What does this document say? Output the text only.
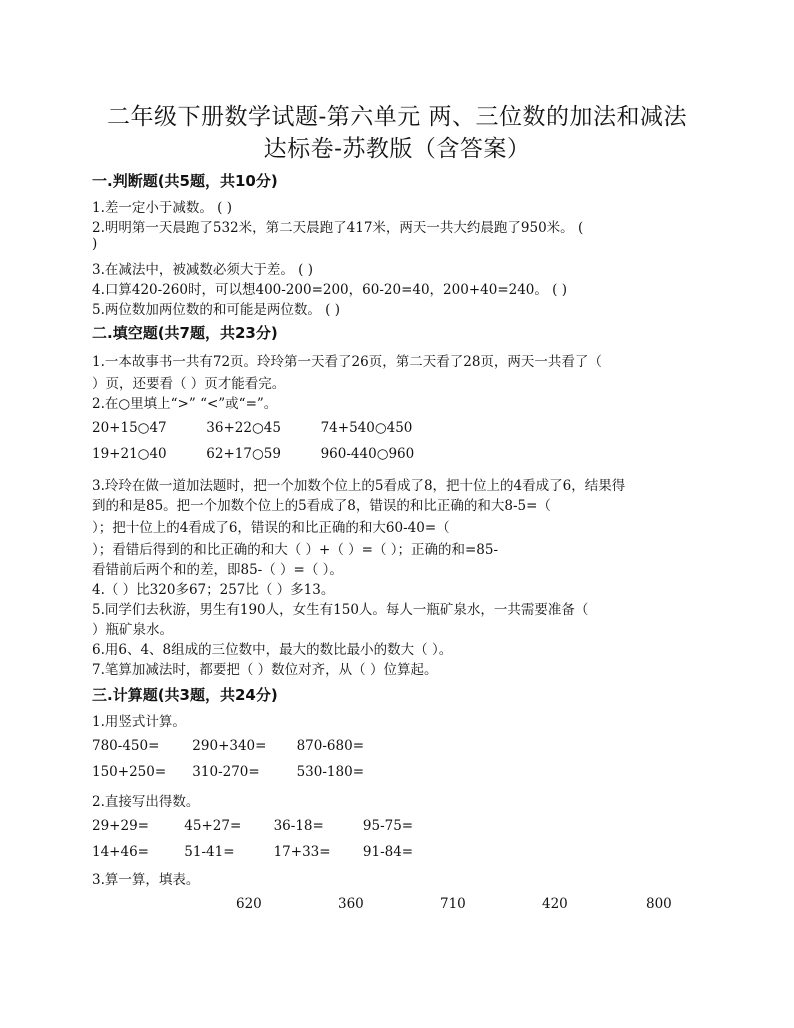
二年级下册数学试题-第六单元 两、三位数的加法和减法
达标卷-苏教版（含答案）
一.判断题(共5题，共10分)
1.差一定小于减数。 ( )
2.明明第一天晨跑了532米，第二天晨跑了417米，两天一共大约晨跑了950米。 (
)
3.在减法中，被减数必须大于差。 ( )
4.口算420-260时，可以想400-200=200，60-20=40，200+40=240。 ( )
5.两位数加两位数的和可能是两位数。 ( )
二.填空题(共7题，共23分)
1.一本故事书一共有72页。玲玲第一天看了26页，第二天看了28页，两天一共看了（
）页，还要看（ ）页才能看完。
2.在○里填上“>” “<”或“=”。
20+15○47	36+22○45	74+540○450
19+21○40	62+17○59	960-440○960
3.玲玲在做一道加法题时，把一个加数个位上的5看成了8，把十位上的4看成了6，结果得
到的和是85。把一个加数个位上的5看成了8，错误的和比正确的和大8-5=（
）；把十位上的4看成了6，错误的和比正确的和大60-40=（
）；看错后得到的和比正确的和大（ ）+（ ）=（ ）；正确的和=85-
看错前后两个和的差，即85-（ ）=（ ）。
4.（ ）比320多67；257比（ ）多13。
5.同学们去秋游，男生有190人，女生有150人。每人一瓶矿泉水，一共需要准备（
）瓶矿泉水。
6.用6、4、8组成的三位数中，最大的数比最小的数大（ ）。
7.笔算加减法时，都要把（ ）数位对齐，从（ ）位算起。
三.计算题(共3题，共24分)
1.用竖式计算。
780-450= 290+340= 870-680=
150+250= 310-270=	530-180=
2.直接写出得数。
29+29=	45+27= 36-18=	95-75=
14+46=	51-41=	17+33= 91-84=
3.算一算，填表。
620	360	710	420	800
